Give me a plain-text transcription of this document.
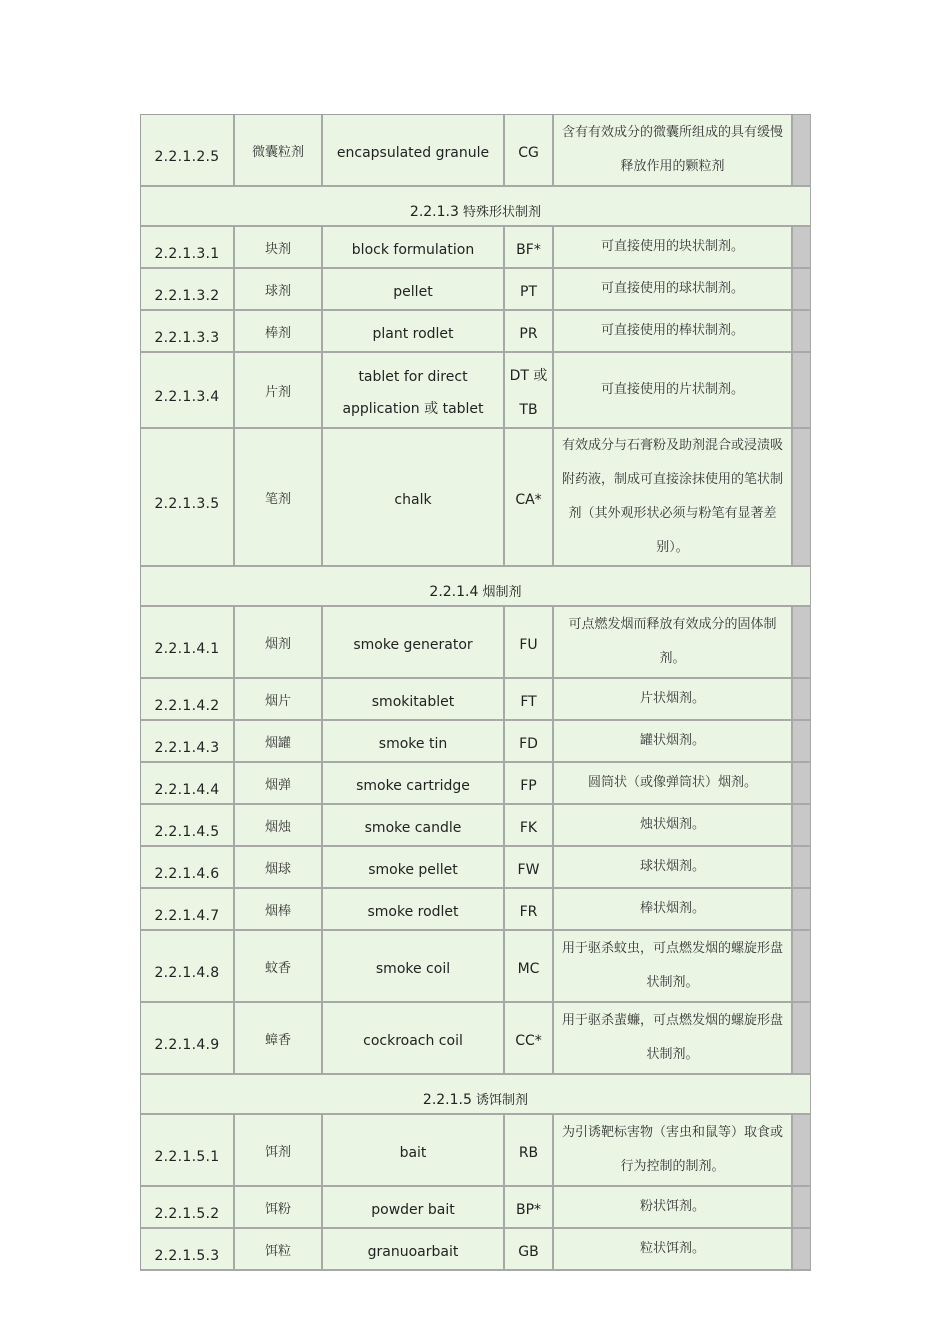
2.2.1.2.5	微囊粒剂	encapsulated granule	CG	含有有效成分的微囊所组成的具有缓慢释放作用的颗粒剂	
2.2.1.3 特殊形状制剂					
2.2.1.3.1	块剂	block formulation	BF*	可直接使用的块状制剂。	
2.2.1.3.2	球剂	pellet	PT	可直接使用的球状制剂。	
2.2.1.3.3	棒剂	plant rodlet	PR	可直接使用的棒状制剂。	
2.2.1.3.4	片剂	tablet for direct application 或 tablet	DT 或 TB	可直接使用的片状制剂。	
2.2.1.3.5	笔剂	chalk	CA*	有效成分与石膏粉及助剂混合或浸渍吸附药液，制成可直接涂抹使用的笔状制剂（其外观形状必须与粉笔有显著差别）。	
2.2.1.4 烟制剂					
2.2.1.4.1	烟剂	smoke generator	FU	可点燃发烟而释放有效成分的固体制剂。	
2.2.1.4.2	烟片	smokitablet	FT	片状烟剂。	
2.2.1.4.3	烟罐	smoke tin	FD	罐状烟剂。	
2.2.1.4.4	烟弹	smoke cartridge	FP	圆筒状（或像弹筒状）烟剂。	
2.2.1.4.5	烟烛	smoke candle	FK	烛状烟剂。	
2.2.1.4.6	烟球	smoke pellet	FW	球状烟剂。	
2.2.1.4.7	烟棒	smoke rodlet	FR	棒状烟剂。	
2.2.1.4.8	蚊香	smoke coil	MC	用于驱杀蚊虫，可点燃发烟的螺旋形盘状制剂。	
2.2.1.4.9	蟑香	cockroach coil	CC*	用于驱杀蜚蠊，可点燃发烟的螺旋形盘状制剂。	
2.2.1.5 诱饵制剂					
2.2.1.5.1	饵剂	bait	RB	为引诱靶标害物（害虫和鼠等）取食或行为控制的制剂。	
2.2.1.5.2	饵粉	powder bait	BP*	粉状饵剂。	
2.2.1.5.3	饵粒	granuoarbait	GB	粒状饵剂。	
